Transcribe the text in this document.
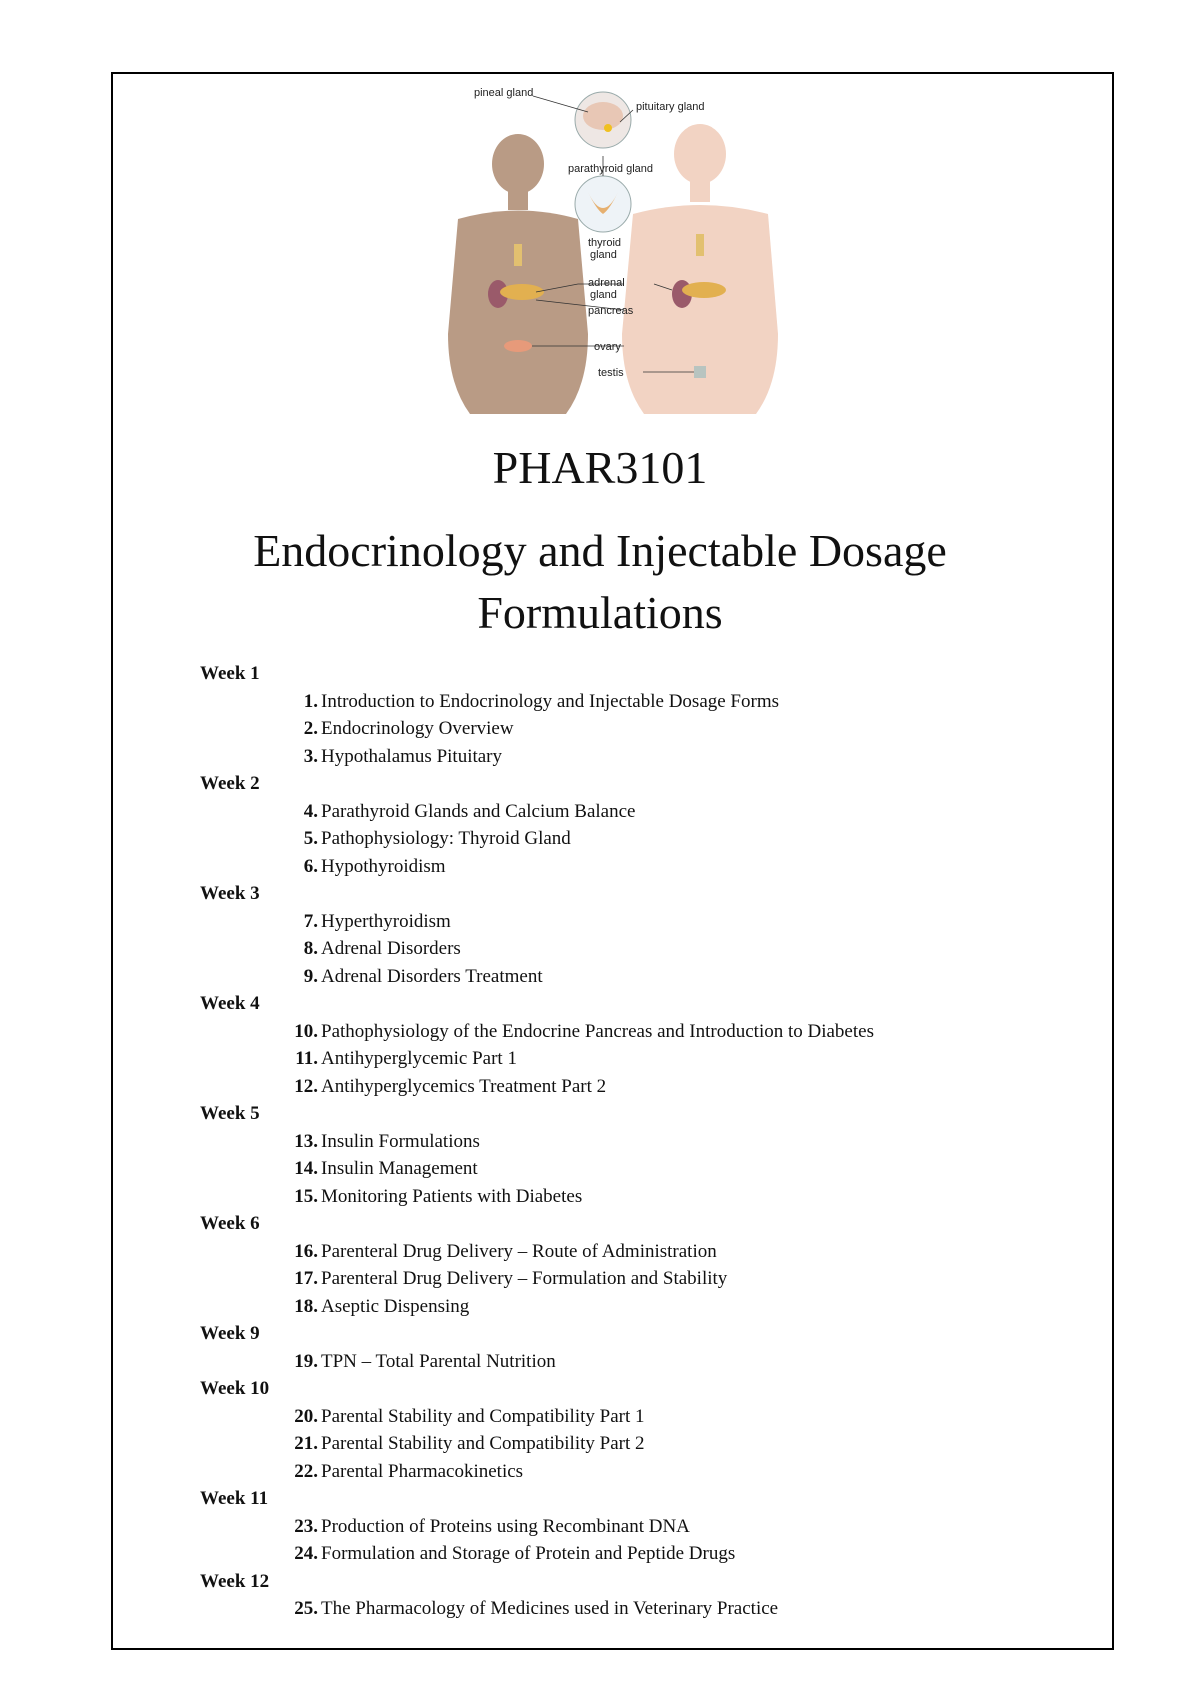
pineal gland
pituitary gland
parathyroid gland
thyroid
gland
adrenal
gland
pancreas
ovary
testis
PHAR3101
Endocrinology and Injectable Dosage Formulations
Week 1
1. Introduction to Endocrinology and Injectable Dosage Forms
2. Endocrinology Overview
3. Hypothalamus Pituitary
Week 2
4. Parathyroid Glands and Calcium Balance
5. Pathophysiology: Thyroid Gland
6. Hypothyroidism
Week 3
7. Hyperthyroidism
8. Adrenal Disorders
9. Adrenal Disorders Treatment
Week 4
10. Pathophysiology of the Endocrine Pancreas and Introduction to Diabetes
11. Antihyperglycemic Part 1
12. Antihyperglycemics Treatment Part 2
Week 5
13. Insulin Formulations
14. Insulin Management
15. Monitoring Patients with Diabetes
Week 6
16. Parenteral Drug Delivery – Route of Administration
17. Parenteral Drug Delivery – Formulation and Stability
18. Aseptic Dispensing
Week 9
19. TPN – Total Parental Nutrition
Week 10
20. Parental Stability and Compatibility Part 1
21. Parental Stability and Compatibility Part 2
22. Parental Pharmacokinetics
Week 11
23. Production of Proteins using Recombinant DNA
24. Formulation and Storage of Protein and Peptide Drugs
Week 12
25. The Pharmacology of Medicines used in Veterinary Practice
